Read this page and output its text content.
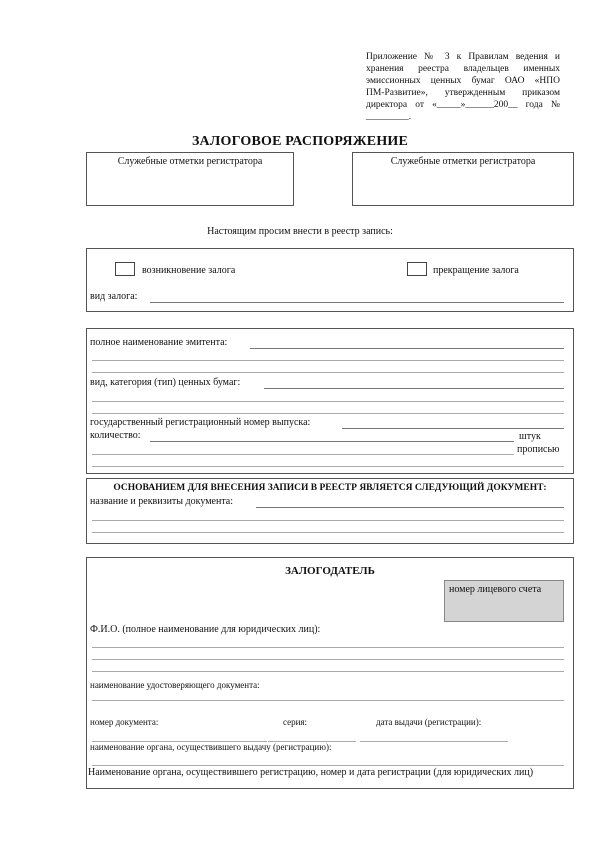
Приложение № 3 к Правилам ведения и
хранения реестра владельцев именных
эмиссионных ценных бумаг ОАО «НПО
ПМ-Развитие», утвержденным приказом
директора от «_____»______200__ года №
_________.
ЗАЛОГОВОЕ РАСПОРЯЖЕНИЕ
Служебные отметки регистратора	Служебные отметки регистратора
Настоящим просим внести в реестр запись:
возникновение залога	прекращение залога
вид залога:
полное наименование эмитента:
вид, категория (тип) ценных бумаг:
государственный регистрационный номер выпуска:
количество:	штук
прописью
ОСНОВАНИЕМ ДЛЯ ВНЕСЕНИЯ ЗАПИСИ В РЕЕСТР ЯВЛЯЕТСЯ СЛЕДУЮЩИЙ ДОКУМЕНТ:
название и реквизиты документа:
ЗАЛОГОДАТЕЛЬ
номер лицевого счета
Ф.И.О. (полное наименование для юридических лиц):
наименование удостоверяющего документа:
номер документа:	серия:	дата выдачи (регистрации):
наименование органа, осуществившего выдачу (регистрацию):
Наименование органа, осуществившего регистрацию, номер и дата регистрации (для юридических лиц)
